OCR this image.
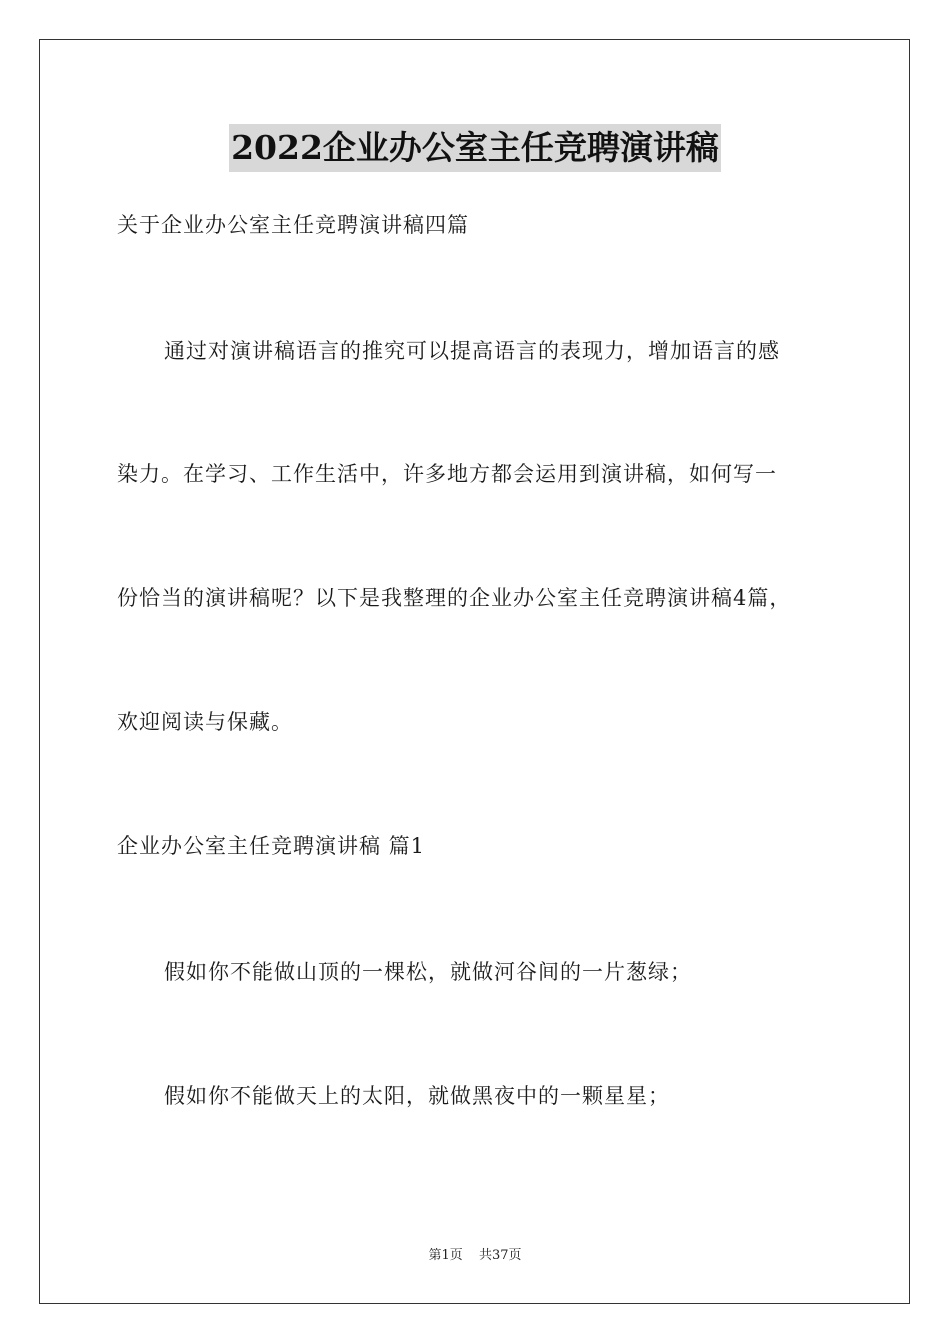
2022企业办公室主任竞聘演讲稿
关于企业办公室主任竞聘演讲稿四篇
通过对演讲稿语言的推究可以提高语言的表现力，增加语言的感
染力。在学习、工作生活中，许多地方都会运用到演讲稿，如何写一
份恰当的演讲稿呢？以下是我整理的企业办公室主任竞聘演讲稿4篇，
欢迎阅读与保藏。
企业办公室主任竞聘演讲稿 篇1
假如你不能做山顶的一棵松，就做河谷间的一片葱绿；
假如你不能做天上的太阳，就做黑夜中的一颗星星；
第1页 共37页
